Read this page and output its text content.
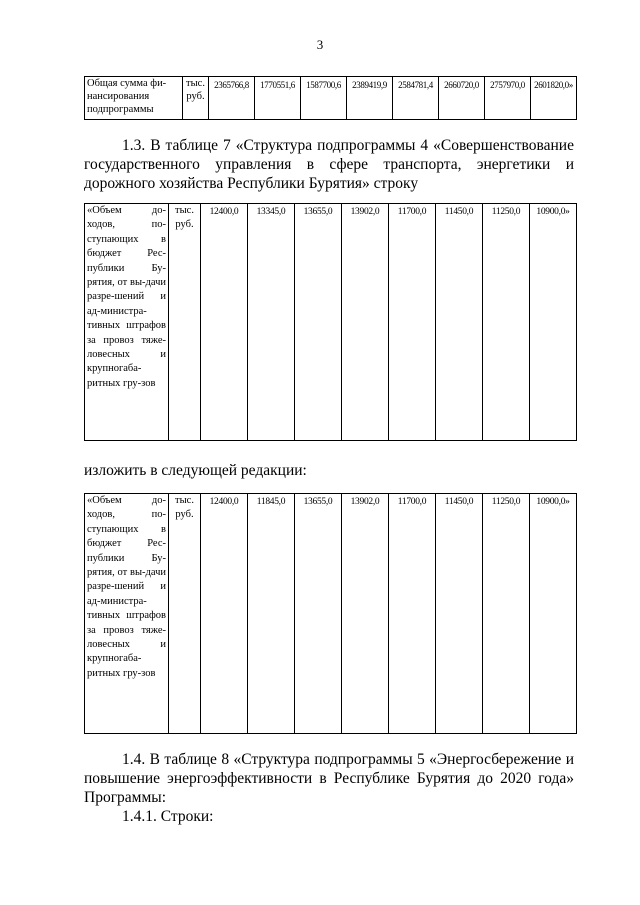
3
Общая сумма фи-нансирования подпрограммы	тыс. руб.	2365766,8	1770551,6	1587700,6	2389419,9	2584781,4	2660720,0	2757970,0	2601820,0»

1.3. В таблице 7 «Структура подпрограммы 4 «Совершенствование государственного управления в сфере транспорта, энергетики и дорожного хозяйства Республики Бурятия» строку

«Объем до-ходов, по-ступающих в бюджет Рес-публики Бу-рятия, от вы-дачи разре-шений и ад-министра-тивных штрафов за провоз тяже-ловесных и крупногаба-ритных гру-зов	тыс. руб.	12400,0	13345,0	13655,0	13902,0	11700,0	11450,0	11250,0	10900,0»

изложить в следующей редакции:

«Объем до-ходов, по-ступающих в бюджет Рес-публики Бу-рятия, от вы-дачи разре-шений и ад-министра-тивных штрафов за провоз тяже-ловесных и крупногаба-ритных гру-зов	тыс. руб.	12400,0	11845,0	13655,0	13902,0	11700,0	11450,0	11250,0	10900,0»

1.4. В таблице 8 «Структура подпрограммы 5 «Энергосбережение и повышение энергоэффективности в Республике Бурятия до 2020 года» Программы:

1.4.1. Строки:
